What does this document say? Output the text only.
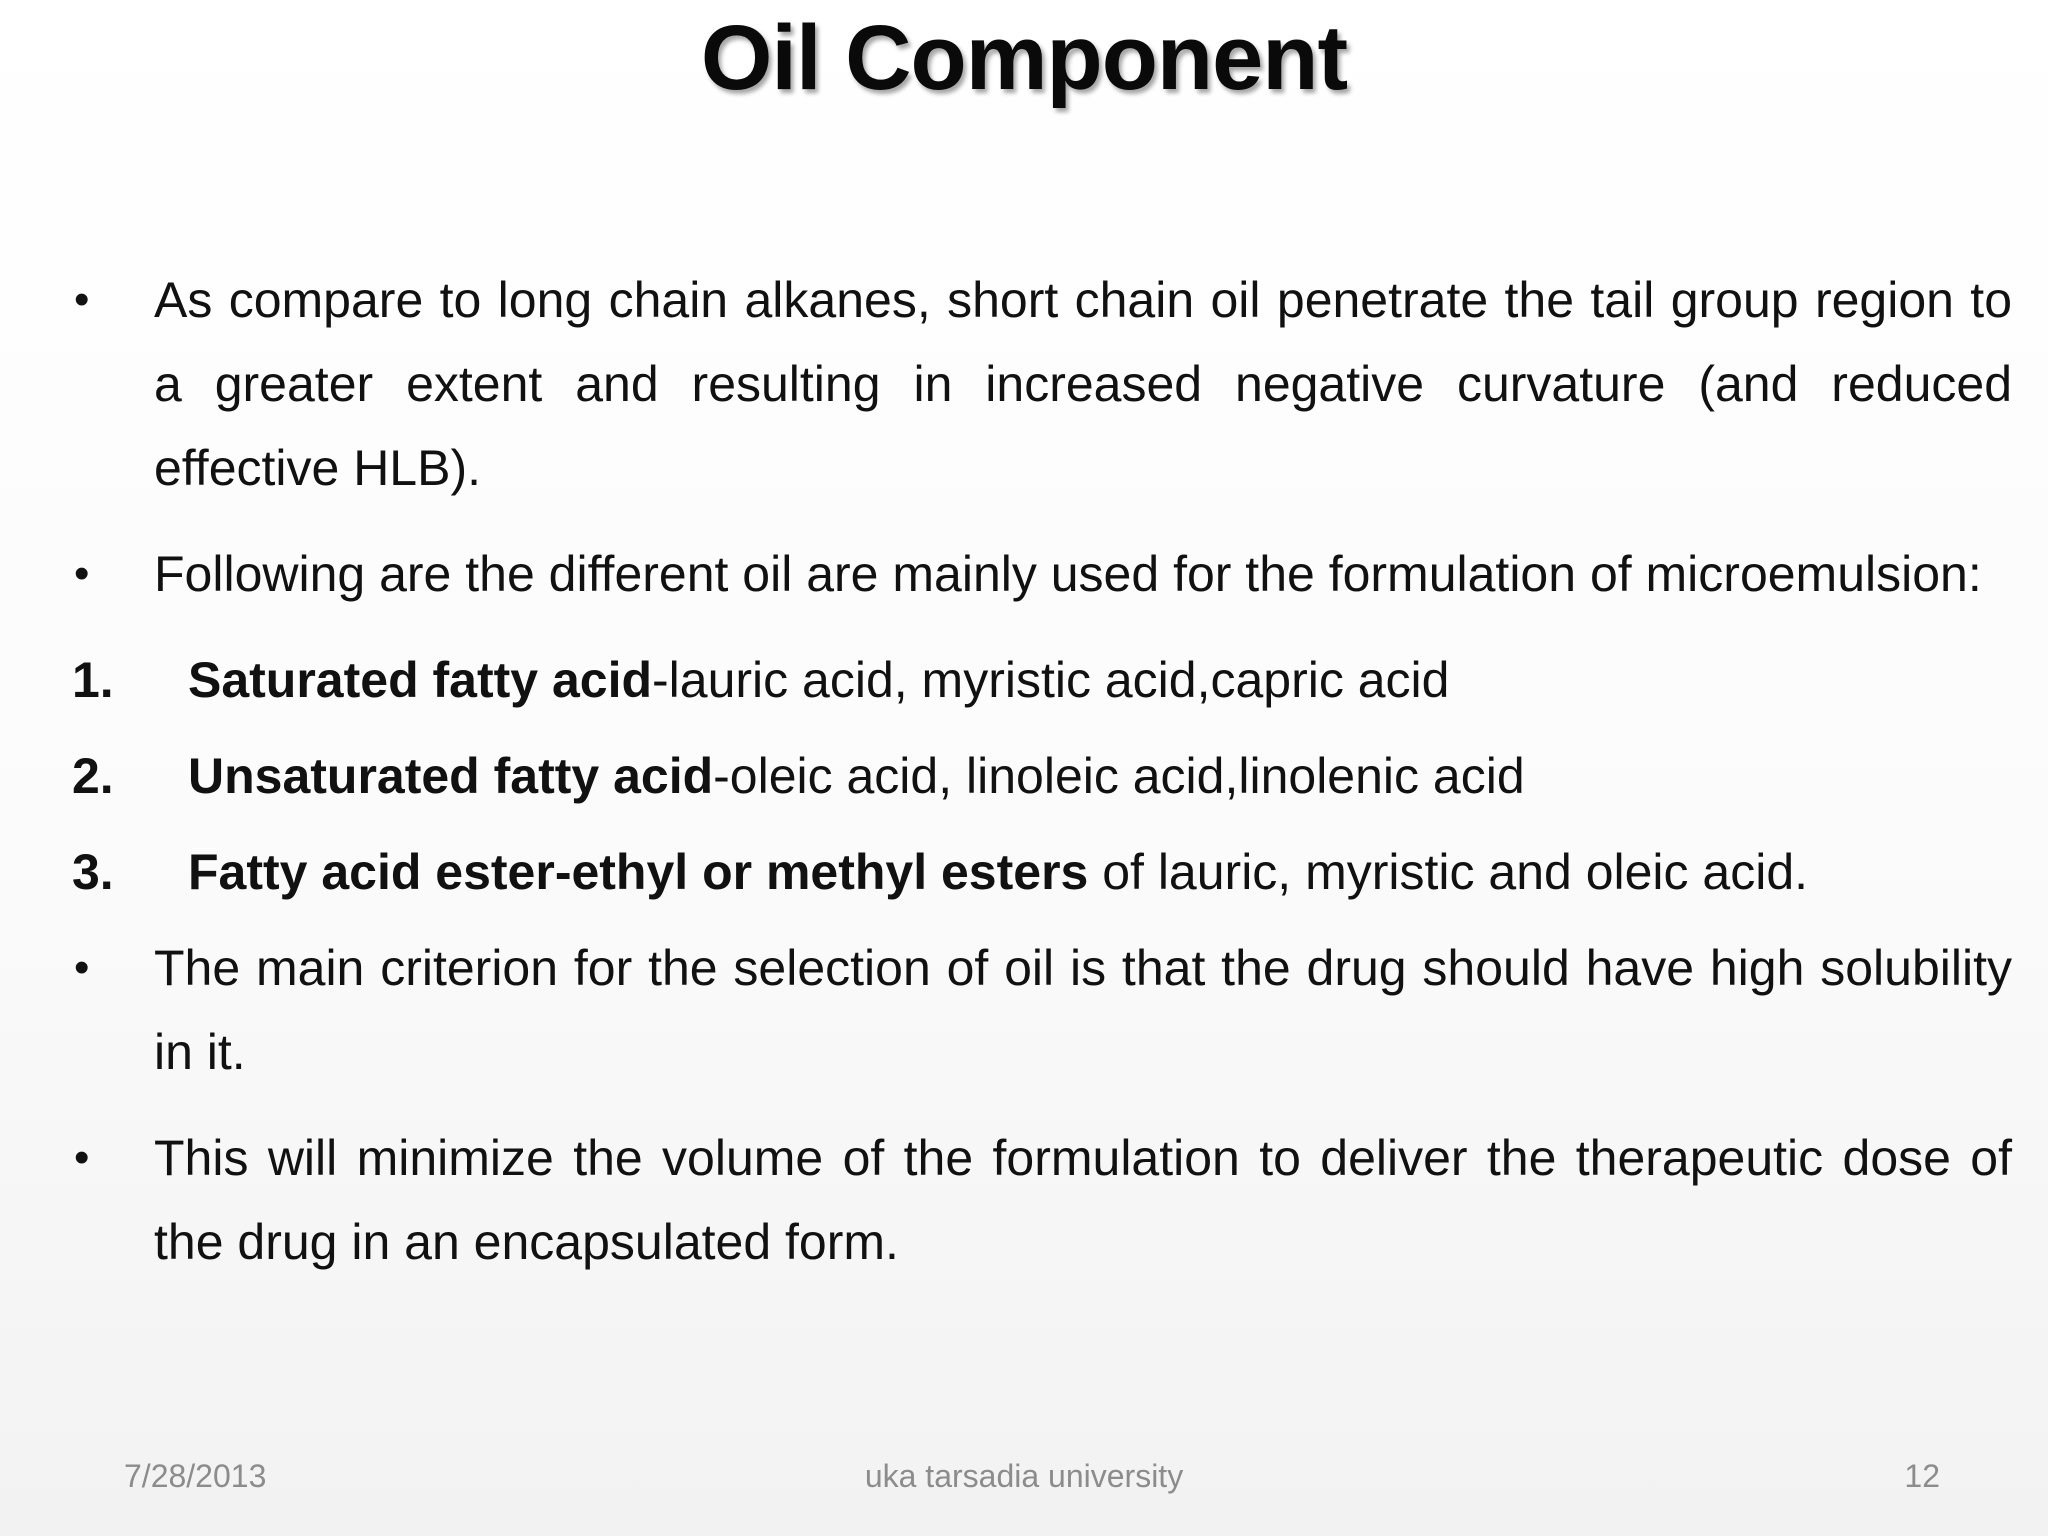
Oil Component
•	As compare to long chain alkanes, short chain oil penetrate the tail group region to a greater extent and resulting in increased negative curvature (and reduced effective HLB).
•	Following are the different oil are mainly used for the formulation of microemulsion:
1.	Saturated fatty acid-lauric acid, myristic acid,capric acid
2.	Unsaturated fatty acid-oleic acid, linoleic acid,linolenic acid
3.	Fatty acid ester-ethyl or methyl esters of lauric, myristic and oleic acid.
•	The main criterion for the selection of oil is that the drug should have high solubility in it.
•	This will minimize the volume of the formulation to deliver the therapeutic dose of the drug in an encapsulated form.
7/28/2013	uka tarsadia university	12
